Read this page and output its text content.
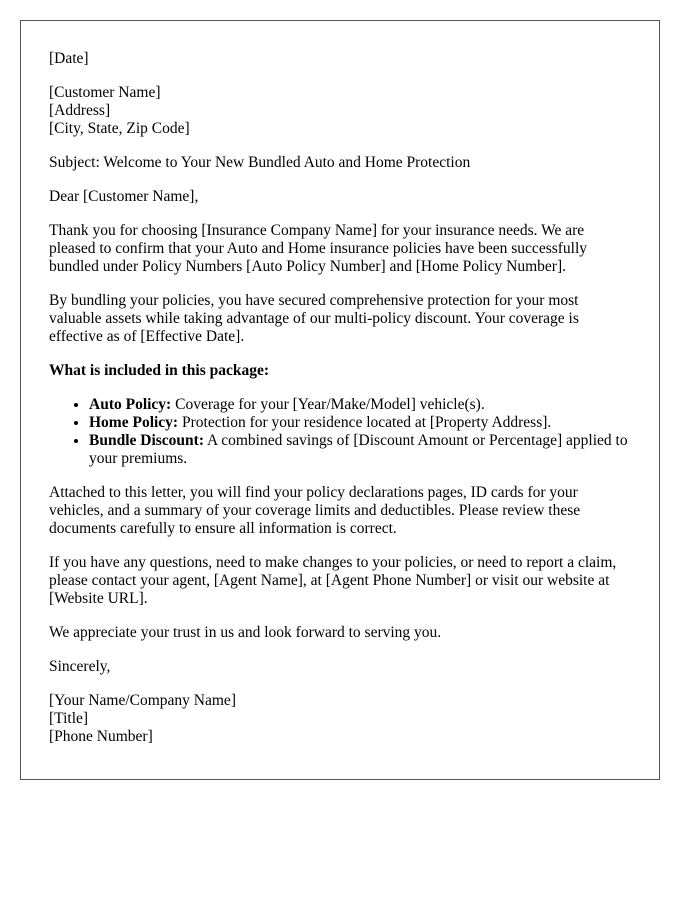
[Date]

[Customer Name]
[Address]
[City, State, Zip Code]

Subject: Welcome to Your New Bundled Auto and Home Protection

Dear [Customer Name],

Thank you for choosing [Insurance Company Name] for your insurance needs. We are pleased to confirm that your Auto and Home insurance policies have been successfully bundled under Policy Numbers [Auto Policy Number] and [Home Policy Number].

By bundling your policies, you have secured comprehensive protection for your most valuable assets while taking advantage of our multi-policy discount. Your coverage is effective as of [Effective Date].

What is included in this package:

• Auto Policy: Coverage for your [Year/Make/Model] vehicle(s).
• Home Policy: Protection for your residence located at [Property Address].
• Bundle Discount: A combined savings of [Discount Amount or Percentage] applied to your premiums.

Attached to this letter, you will find your policy declarations pages, ID cards for your vehicles, and a summary of your coverage limits and deductibles. Please review these documents carefully to ensure all information is correct.

If you have any questions, need to make changes to your policies, or need to report a claim, please contact your agent, [Agent Name], at [Agent Phone Number] or visit our website at [Website URL].

We appreciate your trust in us and look forward to serving you.

Sincerely,

[Your Name/Company Name]
[Title]
[Phone Number]
